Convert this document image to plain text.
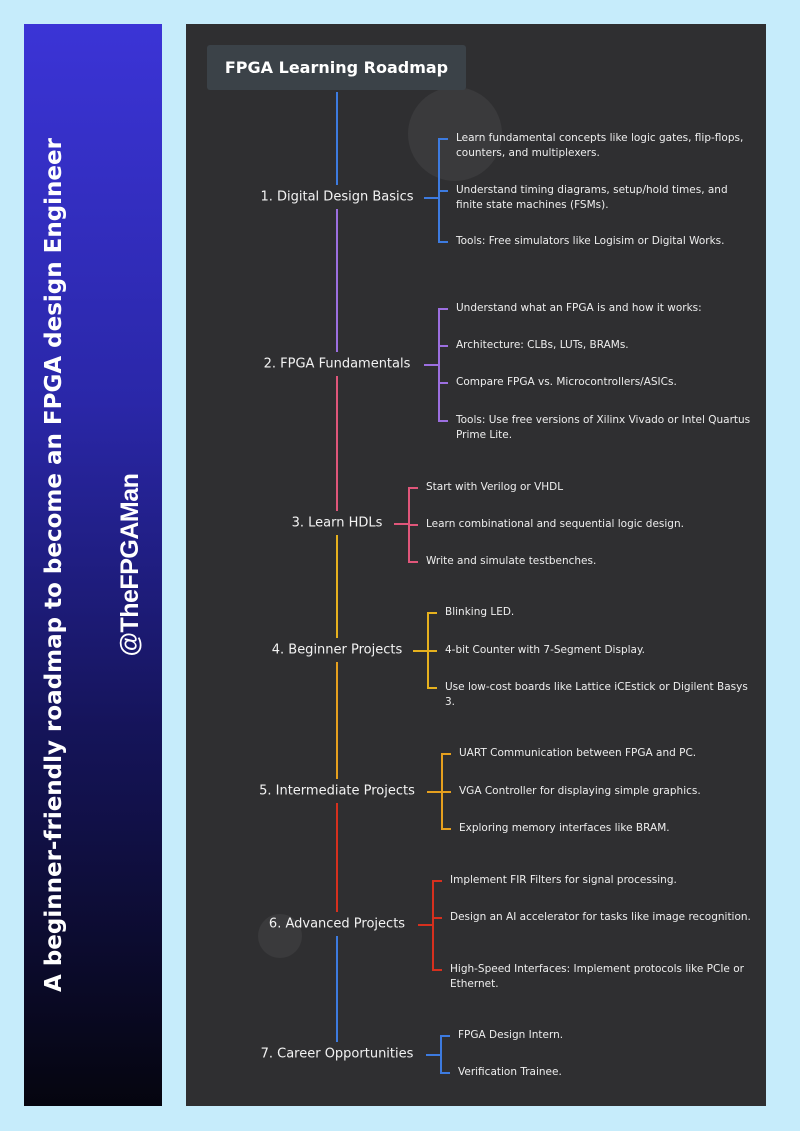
A beginner-friendly roadmap to become an FPGA design Engineer @TheFPGAMan
1. Digital Design Basics
Learn fundamental concepts like logic gates, flip-flops, counters, and multiplexers.
Understand timing diagrams, setup/hold times, and finite state machines (FSMs).
Tools: Free simulators like Logisim or Digital Works.
2. FPGA Fundamentals
Understand what an FPGA is and how it works:
Architecture: CLBs, LUTs, BRAMs.
Compare FPGA vs. Microcontrollers/ASICs.
Tools: Use free versions of Xilinx Vivado or Intel Quartus Prime Lite.
3. Learn HDLs
Start with Verilog or VHDL
Learn combinational and sequential logic design.
Write and simulate testbenches.
4. Beginner Projects
Blinking LED.
4-bit Counter with 7-Segment Display.
Use low-cost boards like Lattice iCEstick or Digilent Basys 3.
5. Intermediate Projects
UART Communication between FPGA and PC.
VGA Controller for displaying simple graphics.
Exploring memory interfaces like BRAM.
6. Advanced Projects
Implement FIR Filters for signal processing.
Design an AI accelerator for tasks like image recognition.
High-Speed Interfaces: Implement protocols like PCIe or Ethernet.
7. Career Opportunities
FPGA Design Intern.
Verification Trainee.
FPGA Learning Roadmap
